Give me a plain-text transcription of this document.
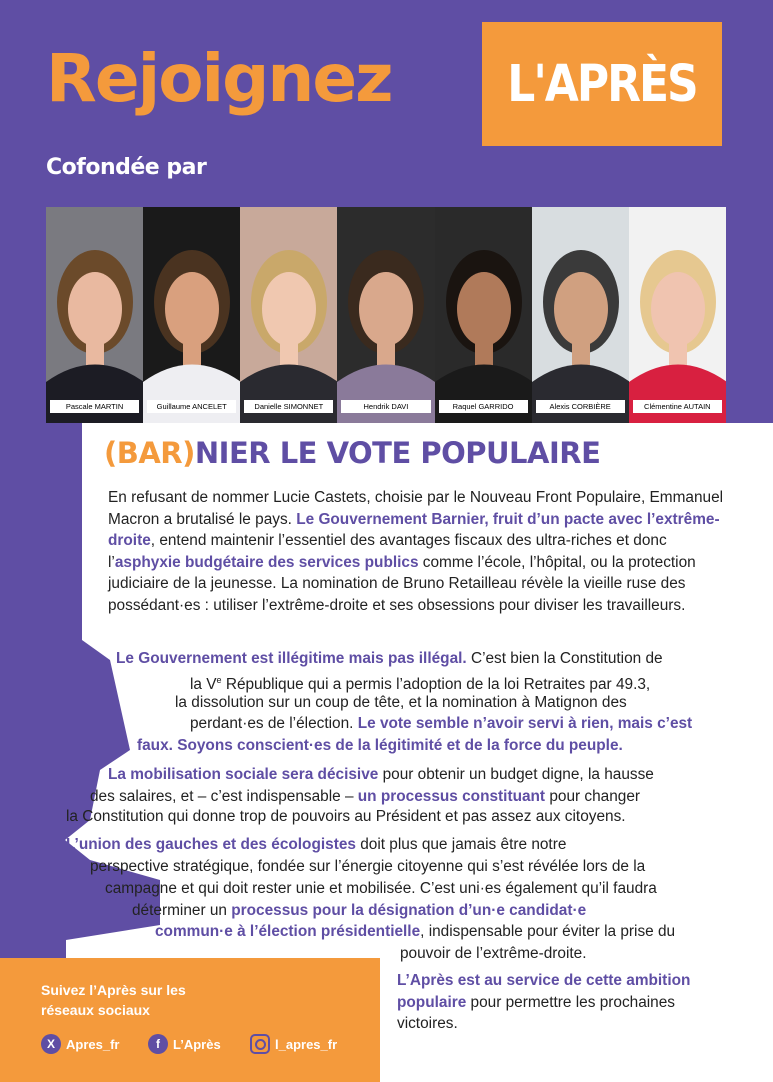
Rejoignez	L'APRÈS
Cofondée par
Pascale MARTIN	Guillaume ANCELET	Danielle SIMONNET	Hendrik DAVI	Raquel GARRIDO	Alexis CORBIÈRE	Clémentine AUTAIN
(BAR)NIER LE VOTE POPULAIRE

En refusant de nommer Lucie Castets, choisie par le Nouveau Front Populaire, Emmanuel Macron a brutalisé le pays. Le Gouvernement Barnier, fruit d’un pacte avec l’extrême-droite, entend maintenir l’essentiel des avantages fiscaux des ultra-riches et donc l’asphyxie budgétaire des services publics comme l’école, l’hôpital, ou la protection judiciaire de la jeunesse. La nomination de Bruno Retailleau révèle la vieille ruse des possédant·es : utiliser l’extrême-droite et ses obsessions pour diviser les travailleurs.

Le Gouvernement est illégitime mais pas illégal. C’est bien la Constitution de

la Ve République qui a permis l’adoption de la loi Retraites par 49.3,

la dissolution sur un coup de tête, et la nomination à Matignon des

perdant·es de l’élection. Le vote semble n’avoir servi à rien, mais c’est

faux. Soyons conscient·es de la légitimité et de la force du peuple.

La mobilisation sociale sera décisive pour obtenir un budget digne, la hausse

des salaires, et – c’est indispensable – un processus constituant pour changer

la Constitution qui donne trop de pouvoirs au Président et pas assez aux citoyens.

L’union des gauches et des écologistes doit plus que jamais être notre

perspective stratégique, fondée sur l’énergie citoyenne qui s’est révélée lors de la

campagne et qui doit rester unie et mobilisée. C’est uni·es également qu’il faudra

déterminer un processus pour la désignation d’un·e candidat·e

commun·e à l’élection présidentielle, indispensable pour éviter la prise du

pouvoir de l’extrême-droite.

L’Après est au service de cette ambition populaire pour permettre les prochaines victoires.

Suivez l’Après sur les réseaux sociaux

X Apres_fr	f	L’Après	l_apres_fr
